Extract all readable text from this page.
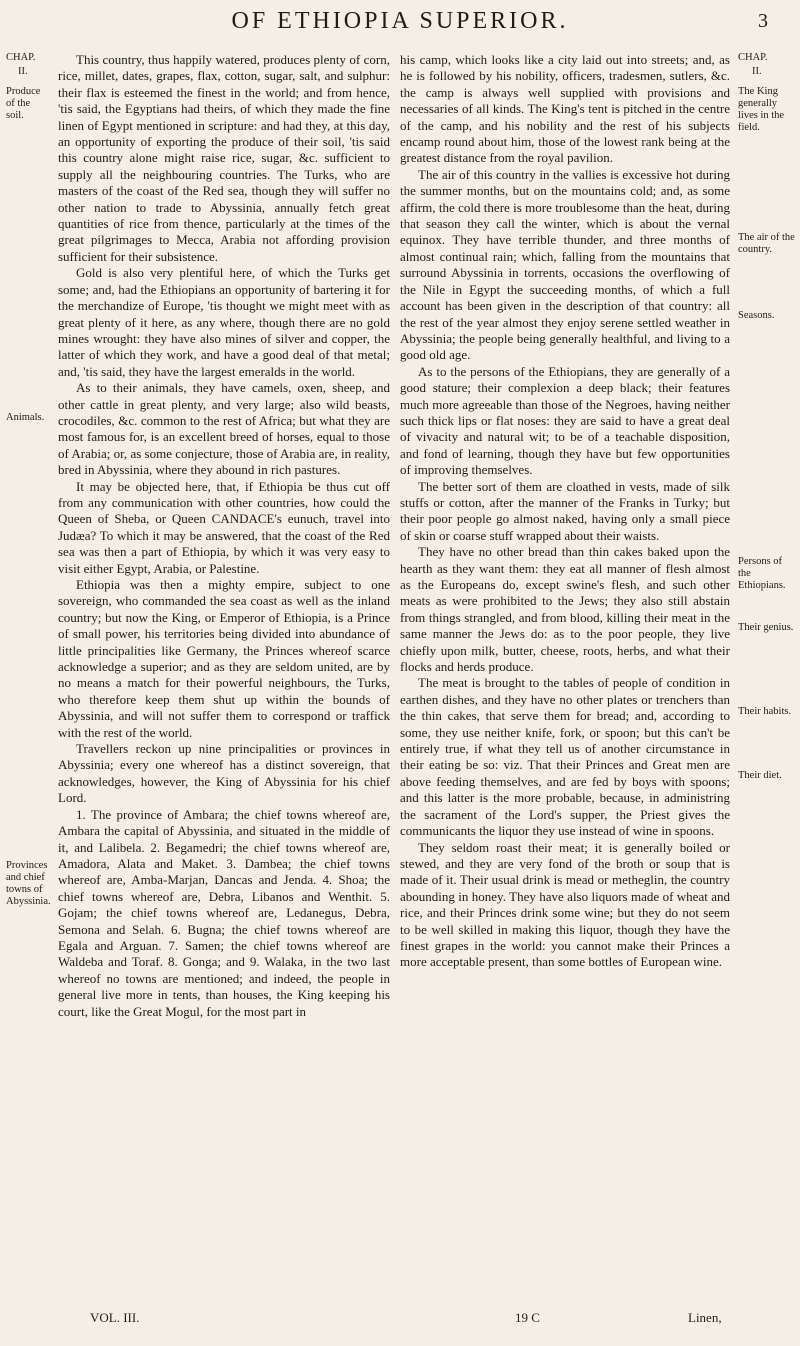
OF ETHIOPIA SUPERIOR.	3
CHAP.
II.
Produce of the soil.
Animals.
Provinces and chief towns of Abyssinia.
CHAP.
II.
The King generally lives in the field.
The air of the country.
Seasons.
Persons of the Ethiopians.
Their genius.
Their habits.
Their diet.

This country, thus happily watered, produces plenty of corn, rice, millet, dates, grapes, flax, cotton, sugar, salt, and sulphur: their flax is esteemed the finest in the world; and from hence, 'tis said, the Egyptians had theirs, of which they made the fine linen of Egypt mentioned in scripture: and had they, at this day, an opportunity of exporting the produce of their soil, 'tis said this country alone might raise rice, sugar, &c. sufficient to supply all the neighbouring countries. The Turks, who are masters of the coast of the Red sea, though they will suffer no other nation to trade to Abyssinia, annually fetch great quantities of rice from thence, particularly at the times of the great pilgrimages to Mecca, Arabia not affording provision sufficient for their subsistence.

Gold is also very plentiful here, of which the Turks get some; and, had the Ethiopians an opportunity of bartering it for the merchandize of Europe, 'tis thought we might meet with as great plenty of it here, as any where, though there are no gold mines wrought: they have also mines of silver and copper, the latter of which they work, and have a good deal of that metal; and, 'tis said, they have the largest emeralds in the world.

As to their animals, they have camels, oxen, sheep, and other cattle in great plenty, and very large; also wild beasts, crocodiles, &c. common to the rest of Africa; but what they are most famous for, is an excellent breed of horses, equal to those of Arabia; or, as some conjecture, those of Arabia are, in reality, bred in Abyssinia, where they abound in rich pastures.

It may be objected here, that, if Ethiopia be thus cut off from any communication with other countries, how could the Queen of Sheba, or Queen CANDACE's eunuch, travel into Judæa? To which it may be answered, that the coast of the Red sea was then a part of Ethiopia, by which it was very easy to visit either Egypt, Arabia, or Palestine.

Ethiopia was then a mighty empire, subject to one sovereign, who commanded the sea coast as well as the inland country; but now the King, or Emperor of Ethiopia, is a Prince of small power, his territories being divided into abundance of little principalities like Germany, the Princes whereof scarce acknowledge a superior; and as they are seldom united, are by no means a match for their powerful neighbours, the Turks, who therefore keep them shut up within the bounds of Abyssinia, and will not suffer them to correspond or traffick with the rest of the world.

Travellers reckon up nine principalities or provinces in Abyssinia; every one whereof has a distinct sovereign, that acknowledges, however, the King of Abyssinia for his chief Lord.

1. The province of Ambara; the chief towns whereof are, Ambara the capital of Abyssinia, and situated in the middle of it, and Lalibela. 2. Begamedri; the chief towns whereof are, Amadora, Alata and Maket. 3. Dambea; the chief towns whereof are, Amba-Marjan, Dancas and Jenda. 4. Shoa; the chief towns whereof are, Debra, Libanos and Wenthit. 5. Gojam; the chief towns whereof are, Ledanegus, Debra, Semona and Selah. 6. Bugna; the chief towns whereof are Egala and Arguan. 7. Samen; the chief towns whereof are Waldeba and Toraf. 8. Gonga; and 9. Walaka, in the two last whereof no towns are mentioned; and indeed, the people in general live more in tents, than houses, the King keeping his court, like the Great Mogul, for the most part in

his camp, which looks like a city laid out into streets; and, as he is followed by his nobility, officers, tradesmen, sutlers, &c. the camp is always well supplied with provisions and necessaries of all kinds. The King's tent is pitched in the centre of the camp, and his nobility and the rest of his subjects encamp round about him, those of the lowest rank being at the greatest distance from the royal pavilion.

The air of this country in the vallies is excessive hot during the summer months, but on the mountains cold; and, as some affirm, the cold there is more troublesome than the heat, during that season they call the winter, which is about the vernal equinox. They have terrible thunder, and three months of almost continual rain; which, falling from the mountains that surround Abyssinia in torrents, occasions the overflowing of the Nile in Egypt the succeeding months, of which a full account has been given in the description of that country: all the rest of the year almost they enjoy serene settled weather in Abyssinia; the people being generally healthful, and living to a good old age.

As to the persons of the Ethiopians, they are generally of a good stature; their complexion a deep black; their features much more agreeable than those of the Negroes, having neither such thick lips or flat noses: they are said to have a great deal of vivacity and natural wit; to be of a teachable disposition, and fond of learning, though they have but few opportunities of improving themselves.

The better sort of them are cloathed in vests, made of silk stuffs or cotton, after the manner of the Franks in Turky; but their poor people go almost naked, having only a small piece of skin or coarse stuff wrapped about their waists.

They have no other bread than thin cakes baked upon the hearth as they want them: they eat all manner of flesh almost as the Europeans do, except swine's flesh, and such other meats as were prohibited to the Jews; they also still abstain from things strangled, and from blood, killing their meat in the same manner the Jews do: as to the poor people, they live chiefly upon milk, butter, cheese, roots, herbs, and what their flocks and herds produce.

The meat is brought to the tables of people of condition in earthen dishes, and they have no other plates or trenchers than the thin cakes, that serve them for bread; and, according to some, they use neither knife, fork, or spoon; but this can't be entirely true, if what they tell us of another circumstance in their eating be so: viz. That their Princes and Great men are above feeding themselves, and are fed by boys with spoons; and this latter is the more probable, because, in administring the sacrament of the Lord's supper, the Priest gives the communicants the liquor they use instead of wine in spoons.

They seldom roast their meat; it is generally boiled or stewed, and they are very fond of the broth or soup that is made of it. Their usual drink is mead or metheglin, the country abounding in honey. They have also liquors made of wheat and rice, and their Princes drink some wine; but they do not seem to be well skilled in making this liquor, though they have the finest grapes in the world: you cannot make their Princes a more acceptable present, than some bottles of European wine.

VOL. III.	19 C	Linen,
